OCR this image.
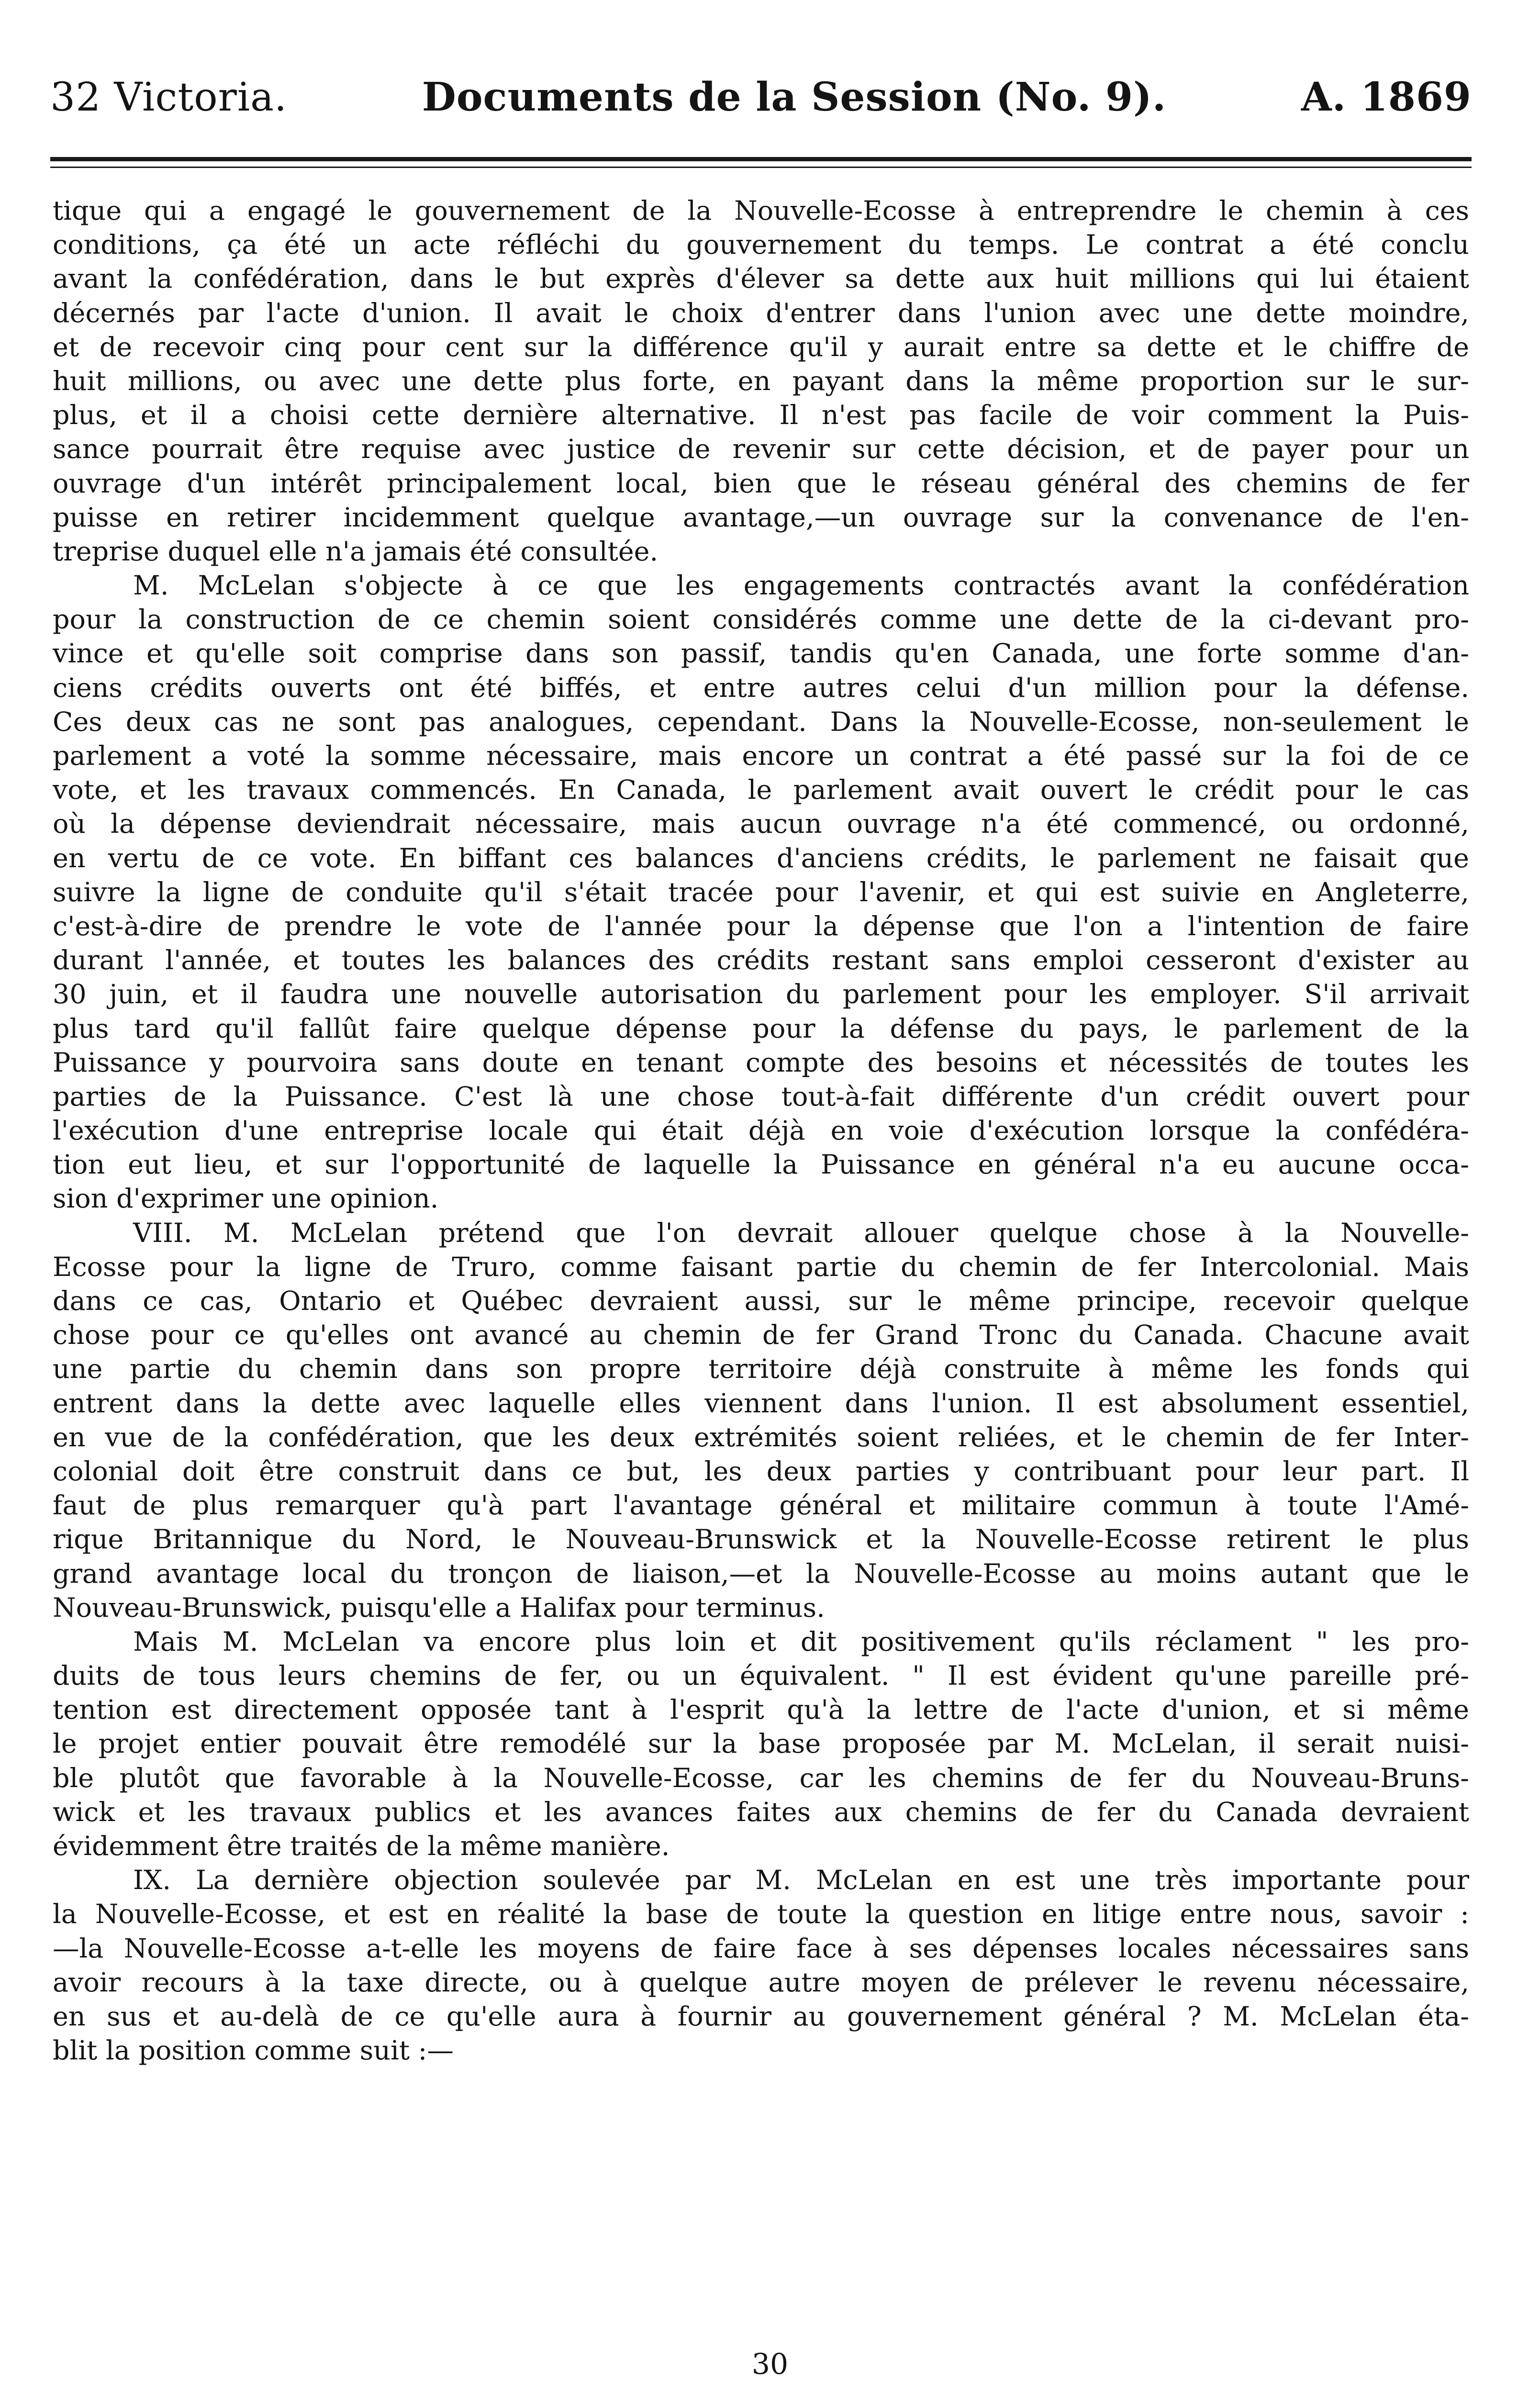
32 Victoria.	Documents de la Session (No. 9).	A. 1869
tique qui a engagé le gouvernement de la Nouvelle-Ecosse à entreprendre le chemin à ces
conditions, ça été un acte réfléchi du gouvernement du temps. Le contrat a été conclu
avant la confédération, dans le but exprès d'élever sa dette aux huit millions qui lui étaient
décernés par l'acte d'union. Il avait le choix d'entrer dans l'union avec une dette moindre,
et de recevoir cinq pour cent sur la différence qu'il y aurait entre sa dette et le chiffre de
huit millions, ou avec une dette plus forte, en payant dans la même proportion sur le sur-
plus, et il a choisi cette dernière alternative. Il n'est pas facile de voir comment la Puis-
sance pourrait être requise avec justice de revenir sur cette décision, et de payer pour un
ouvrage d'un intérêt principalement local, bien que le réseau général des chemins de fer
puisse en retirer incidemment quelque avantage,—un ouvrage sur la convenance de l'en-
treprise duquel elle n'a jamais été consultée.
M. McLelan s'objecte à ce que les engagements contractés avant la confédération
pour la construction de ce chemin soient considérés comme une dette de la ci-devant pro-
vince et qu'elle soit comprise dans son passif, tandis qu'en Canada, une forte somme d'an-
ciens crédits ouverts ont été biffés, et entre autres celui d'un million pour la défense.
Ces deux cas ne sont pas analogues, cependant. Dans la Nouvelle-Ecosse, non-seulement le
parlement a voté la somme nécessaire, mais encore un contrat a été passé sur la foi de ce
vote, et les travaux commencés. En Canada, le parlement avait ouvert le crédit pour le cas
où la dépense deviendrait nécessaire, mais aucun ouvrage n'a été commencé, ou ordonné,
en vertu de ce vote. En biffant ces balances d'anciens crédits, le parlement ne faisait que
suivre la ligne de conduite qu'il s'était tracée pour l'avenir, et qui est suivie en Angleterre,
c'est-à-dire de prendre le vote de l'année pour la dépense que l'on a l'intention de faire
durant l'année, et toutes les balances des crédits restant sans emploi cesseront d'exister au
30 juin, et il faudra une nouvelle autorisation du parlement pour les employer. S'il arrivait
plus tard qu'il fallût faire quelque dépense pour la défense du pays, le parlement de la
Puissance y pourvoira sans doute en tenant compte des besoins et nécessités de toutes les
parties de la Puissance. C'est là une chose tout-à-fait différente d'un crédit ouvert pour
l'exécution d'une entreprise locale qui était déjà en voie d'exécution lorsque la confédéra-
tion eut lieu, et sur l'opportunité de laquelle la Puissance en général n'a eu aucune occa-
sion d'exprimer une opinion.
VIII. M. McLelan prétend que l'on devrait allouer quelque chose à la Nouvelle-
Ecosse pour la ligne de Truro, comme faisant partie du chemin de fer Intercolonial. Mais
dans ce cas, Ontario et Québec devraient aussi, sur le même principe, recevoir quelque
chose pour ce qu'elles ont avancé au chemin de fer Grand Tronc du Canada. Chacune avait
une partie du chemin dans son propre territoire déjà construite à même les fonds qui
entrent dans la dette avec laquelle elles viennent dans l'union. Il est absolument essentiel,
en vue de la confédération, que les deux extrémités soient reliées, et le chemin de fer Inter-
colonial doit être construit dans ce but, les deux parties y contribuant pour leur part. Il
faut de plus remarquer qu'à part l'avantage général et militaire commun à toute l'Amé-
rique Britannique du Nord, le Nouveau-Brunswick et la Nouvelle-Ecosse retirent le plus
grand avantage local du tronçon de liaison,—et la Nouvelle-Ecosse au moins autant que le
Nouveau-Brunswick, puisqu'elle a Halifax pour terminus.
Mais M. McLelan va encore plus loin et dit positivement qu'ils réclament " les pro-
duits de tous leurs chemins de fer, ou un équivalent. " Il est évident qu'une pareille pré-
tention est directement opposée tant à l'esprit qu'à la lettre de l'acte d'union, et si même
le projet entier pouvait être remodélé sur la base proposée par M. McLelan, il serait nuisi-
ble plutôt que favorable à la Nouvelle-Ecosse, car les chemins de fer du Nouveau-Bruns-
wick et les travaux publics et les avances faites aux chemins de fer du Canada devraient
évidemment être traités de la même manière.
IX. La dernière objection soulevée par M. McLelan en est une très importante pour
la Nouvelle-Ecosse, et est en réalité la base de toute la question en litige entre nous, savoir :
—la Nouvelle-Ecosse a-t-elle les moyens de faire face à ses dépenses locales nécessaires sans
avoir recours à la taxe directe, ou à quelque autre moyen de prélever le revenu nécessaire,
en sus et au-delà de ce qu'elle aura à fournir au gouvernement général ? M. McLelan éta-
blit la position comme suit :—
30
